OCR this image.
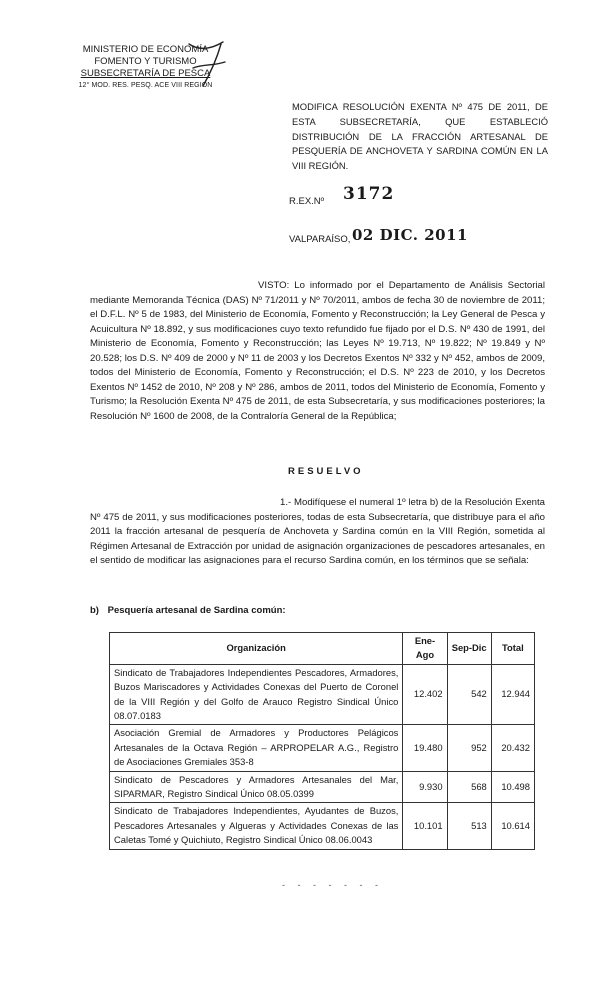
MINISTERIO DE ECONOMÍA
FOMENTO Y TURISMO
SUBSECRETARÍA DE PESCA
12° MOD. RES. PESQ. ACE VIII REGION
MODIFICA RESOLUCIÓN EXENTA Nº 475 DE 2011, DE ESTA SUBSECRETARÍA, QUE ESTABLECIÓ DISTRIBUCIÓN DE LA FRACCIÓN ARTESANAL DE PESQUERÍA DE ANCHOVETA Y SARDINA COMÚN EN LA VIII REGIÓN.
R.EX.Nº 3172
VALPARAÍSO, 02 DIC. 2011
VISTO: Lo informado por el Departamento de Análisis Sectorial mediante Memoranda Técnica (DAS) Nº 71/2011 y Nº 70/2011, ambos de fecha 30 de noviembre de 2011; el D.F.L. Nº 5 de 1983, del Ministerio de Economía, Fomento y Reconstrucción; la Ley General de Pesca y Acuicultura Nº 18.892, y sus modificaciones cuyo texto refundido fue fijado por el D.S. Nº 430 de 1991, del Ministerio de Economía, Fomento y Reconstrucción; las Leyes Nº 19.713, Nº 19.822; Nº 19.849 y Nº 20.528; los D.S. Nº 409 de 2000 y Nº 11 de 2003 y los Decretos Exentos Nº 332 y Nº 452, ambos de 2009, todos del Ministerio de Economía, Fomento y Reconstrucción; el D.S. Nº 223 de 2010, y los Decretos Exentos Nº 1452 de 2010, Nº 208 y Nº 286, ambos de 2011, todos del Ministerio de Economía, Fomento y Turismo; la Resolución Exenta Nº 475 de 2011, de esta Subsecretaría, y sus modificaciones posteriores; la Resolución Nº 1600 de 2008, de la Contraloría General de la República;
RESUELVO
1.- Modifíquese el numeral 1º letra b) de la Resolución Exenta Nº 475 de 2011, y sus modificaciones posteriores, todas de esta Subsecretaría, que distribuye para el año 2011 la fracción artesanal de pesquería de Anchoveta y Sardina común en la VIII Región, sometida al Régimen Artesanal de Extracción por unidad de asignación organizaciones de pescadores artesanales, en el sentido de modificar las asignaciones para el recurso Sardina común, en los términos que se señala:
b) Pesquería artesanal de Sardina común:
Organización	Ene-Ago	Sep-Dic	Total
Sindicato de Trabajadores Independientes Pescadores, Armadores, Buzos Mariscadores y Actividades Conexas del Puerto de Coronel de la VIII Región y del Golfo de Arauco Registro Sindical Único 08.07.0183	12.402	542	12.944
Asociación Gremial de Armadores y Productores Pelágicos Artesanales de la Octava Región – ARPROPELAR A.G., Registro de Asociaciones Gremiales 353-8	19.480	952	20.432
Sindicato de Pescadores y Armadores Artesanales del Mar, SIPARMAR, Registro Sindical Único 08.05.0399	9.930	568	10.498
Sindicato de Trabajadores Independientes, Ayudantes de Buzos, Pescadores Artesanales y Algueras y Actividades Conexas de las Caletas Tomé y Quichiuto, Registro Sindical Único 08.06.0043	10.101	513	10.614
- - - - - - -
